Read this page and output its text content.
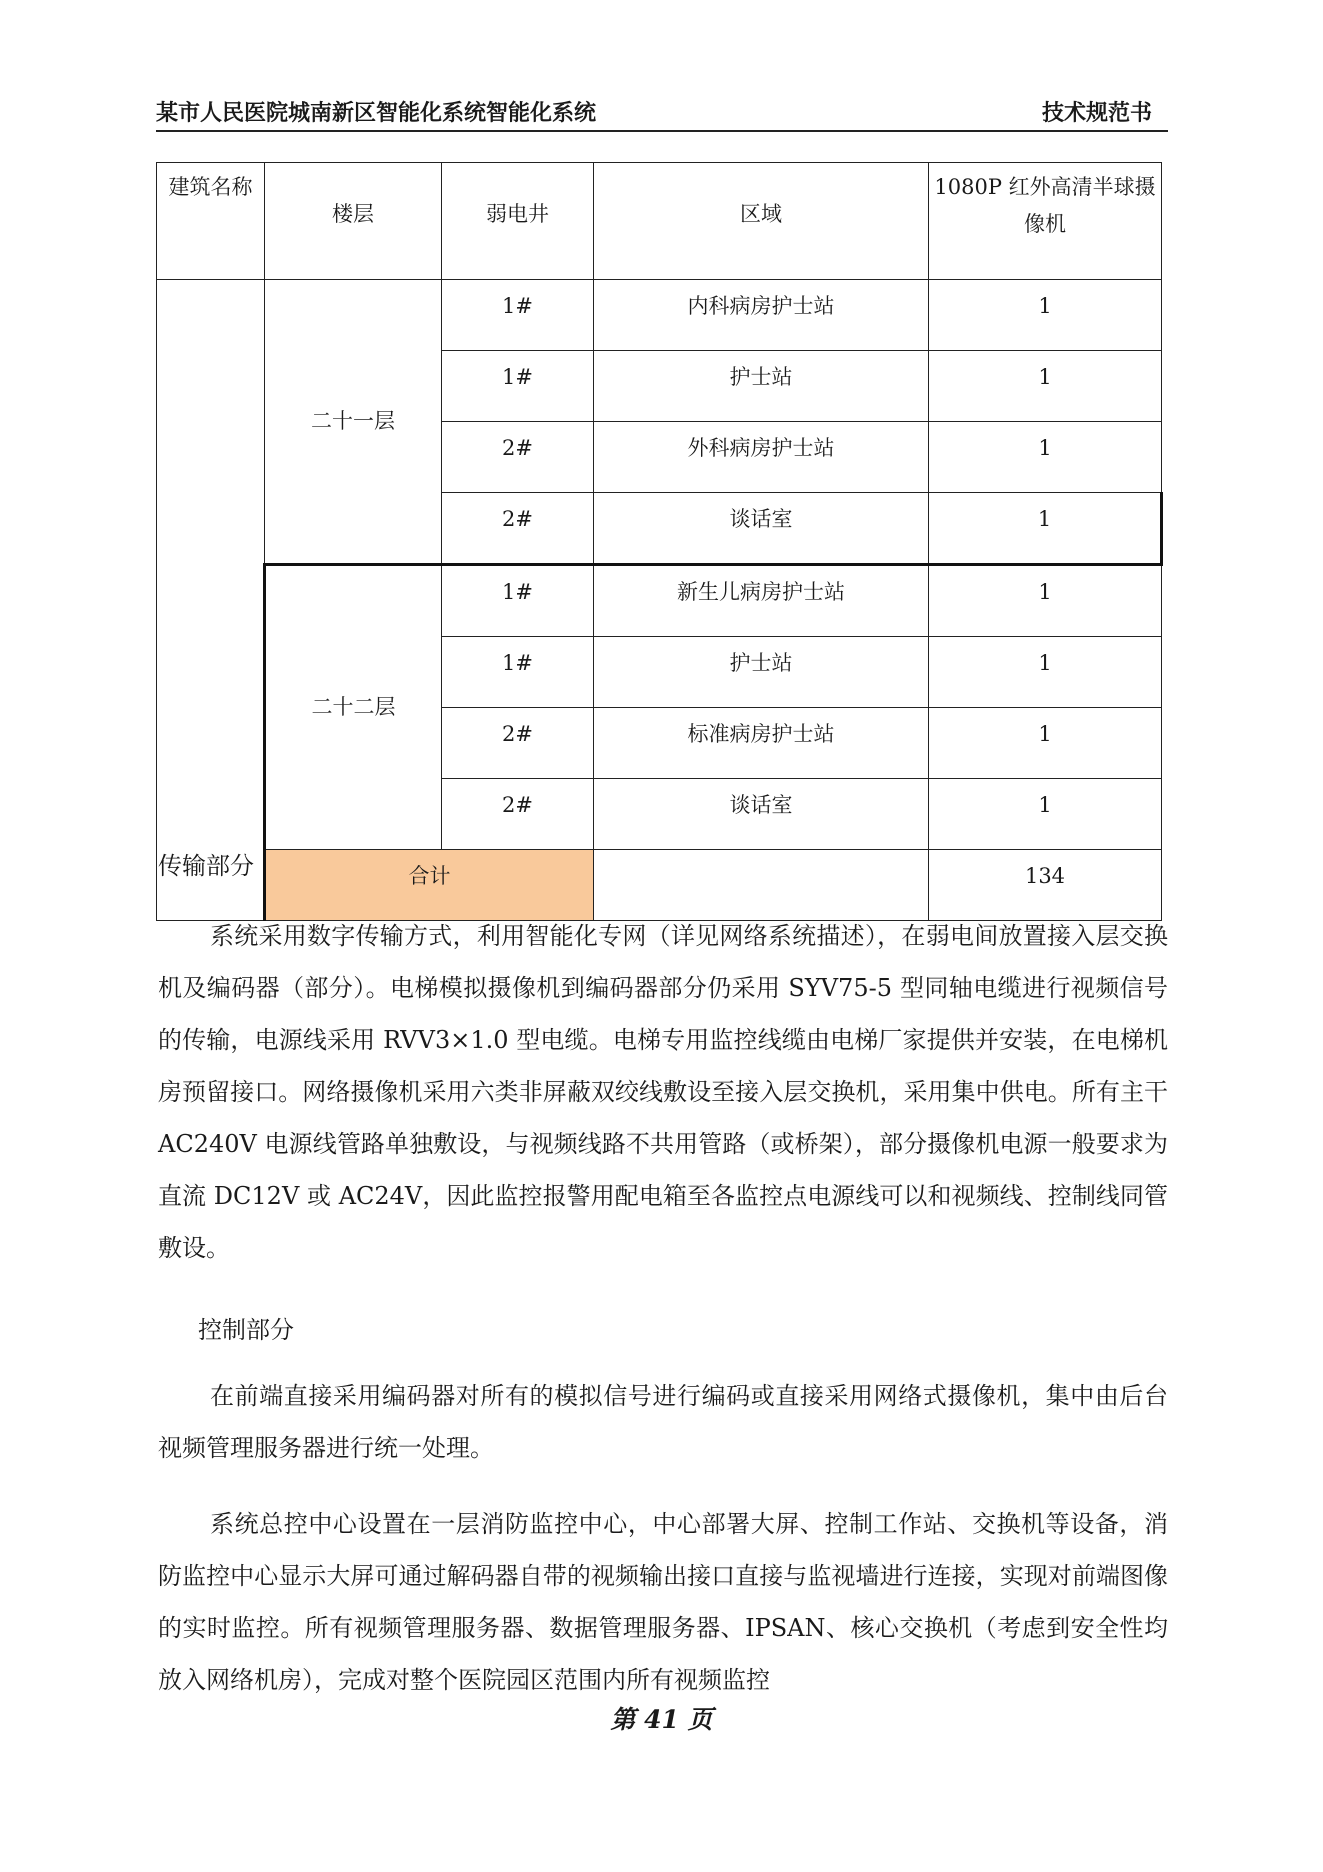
某市人民医院城南新区智能化系统智能化系统	技术规范书
建筑名称	楼层	弱电井	区域	1080P 红外高清半球摄像机
	二十一层	1#	内科病房护士站	1
		1#	护士站	1
		2#	外科病房护士站	1
		2#	谈话室	1
	二十二层	1#	新生儿病房护士站	1
		1#	护士站	1
		2#	标准病房护士站	1
		2#	谈话室	1
	合计			134
传输部分
系统采用数字传输方式，利用智能化专网（详见网络系统描述），在弱电间放置接入层交换机及编码器（部分）。电梯模拟摄像机到编码器部分仍采用 SYV75-5 型同轴电缆进行视频信号的传输，电源线采用 RVV3×1.0 型电缆。电梯专用监控线缆由电梯厂家提供并安装，在电梯机房预留接口。网络摄像机采用六类非屏蔽双绞线敷设至接入层交换机，采用集中供电。所有主干 AC240V 电源线管路单独敷设，与视频线路不共用管路（或桥架），部分摄像机电源一般要求为直流 DC12V 或 AC24V，因此监控报警用配电箱至各监控点电源线可以和视频线、控制线同管敷设。
控制部分
在前端直接采用编码器对所有的模拟信号进行编码或直接采用网络式摄像机，集中由后台视频管理服务器进行统一处理。
系统总控中心设置在一层消防监控中心，中心部署大屏、控制工作站、交换机等设备，消防监控中心显示大屏可通过解码器自带的视频输出接口直接与监视墙进行连接，实现对前端图像的实时监控。所有视频管理服务器、数据管理服务器、IPSAN、核心交换机（考虑到安全性均放入网络机房），完成对整个医院园区范围内所有视频监控
第 41 页
